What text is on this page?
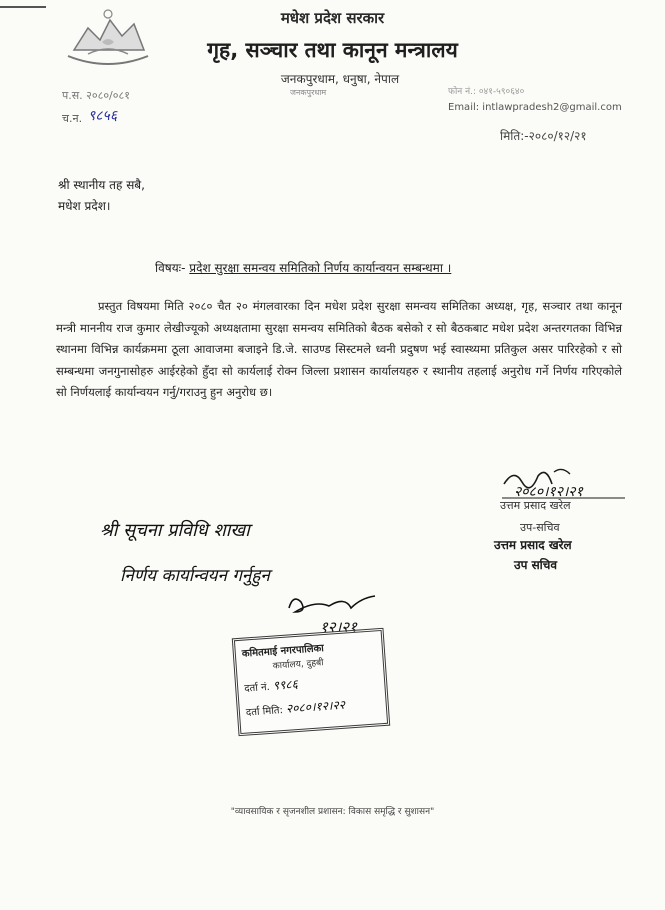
मधेश प्रदेश सरकार
गृह, सञ्चार तथा कानून मन्त्रालय
जनकपुरधाम, धनुषा, नेपाल
जनकपुरधाम
प.स. २०८०/०८१
च.न. ९८५६
फोन नं.: ०४१-५९०६४०
Email: intlawpradesh2@gmail.com
मिति:-२०८०/१२/२१
श्री स्थानीय तह सबै,
मधेश प्रदेश।
विषयः- प्रदेश सुरक्षा समन्वय समितिको निर्णय कार्यान्वयन सम्बन्धमा ।
प्रस्तुत विषयमा मिति २०८० चैत २० मंगलवारका दिन मधेश प्रदेश सुरक्षा समन्वय समितिका अध्यक्ष, गृह, सञ्चार तथा कानून मन्त्री माननीय राज कुमार लेखीज्यूको अध्यक्षतामा सुरक्षा समन्वय समितिको बैठक बसेको र सो बैठकबाट मधेश प्रदेश अन्तरगतका विभिन्न स्थानमा विभिन्न कार्यक्रममा ठूला आवाजमा बजाइने डि.जे. साउण्ड सिस्टमले ध्वनी प्रदुषण भई स्वास्थ्यमा प्रतिकुल असर पारिरहेको र सो सम्बन्धमा जनगुनासोहरु आईरहेको हुँदा सो कार्यलाई रोक्न जिल्ला प्रशासन कार्यालयहरु र स्थानीय तहलाई अनुरोध गर्ने निर्णय गरिएकोले सो निर्णयलाई कार्यान्वयन गर्नु/गराउनु हुन अनुरोध छ।
२०८०।१२।२१
उत्तम प्रसाद खरेल
उप-सचिव
उत्तम प्रसाद खरेल
उप सचिव
श्री सूचना प्रविधि शाखा
निर्णय कार्यान्वयन गर्नुहुन
१२।२१
कमितमाई नगरपालिका
कार्यालय, दुहबी
दर्ता नं. ९९८६
दर्ता मिति: २०८०।१२।२२
"व्यावसायिक र सृजनशील प्रशासन: विकास समृद्धि र सुशासन"
